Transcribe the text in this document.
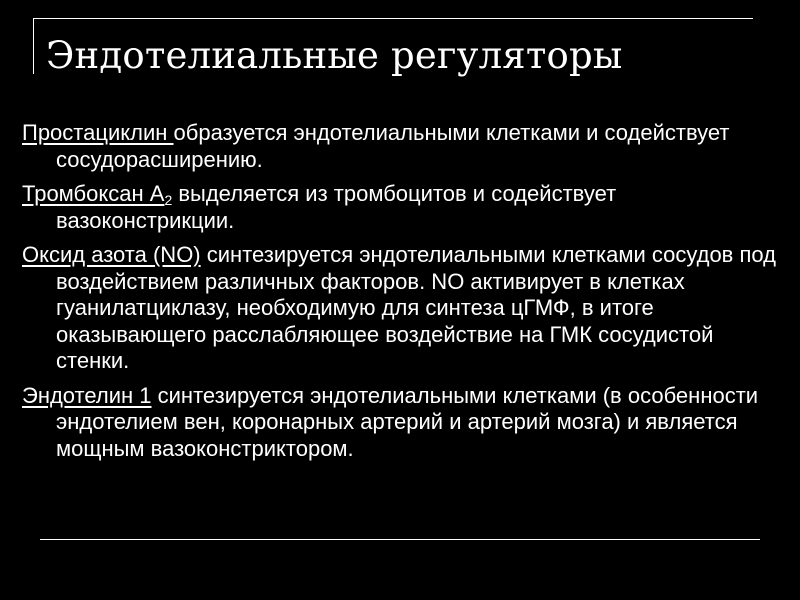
Эндотелиальные регуляторы

Простациклин образуется эндотелиальными клетками и содействует сосудорасширению.

Тромбоксан $А_2$ выделяется из тромбоцитов и содействует вазоконстрикции.

Оксид азота (NO) синтезируется эндотелиальными клетками сосудов под воздействием различных факторов. NO активирует в клетках гуанилатциклазу, необходимую для синтеза цГМФ, в итоге оказывающего расслабляющее воздействие на ГМК сосудистой стенки.

Эндотелин 1 синтезируется эндотелиальными клетками (в особенности эндотелием вен, коронарных артерий и артерий мозга) и является мощным вазоконстриктором.
